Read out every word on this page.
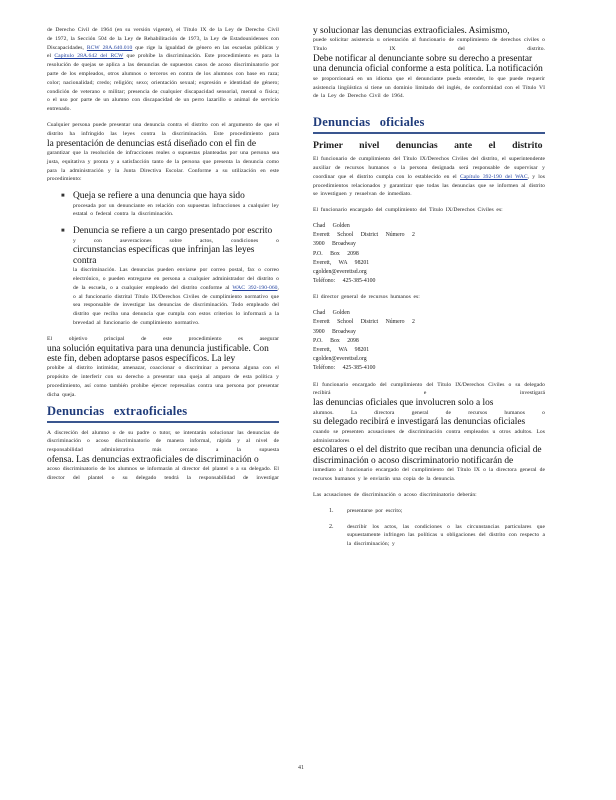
de Derecho Civil de 1964 (en su versión vigente), el Título IX de la Ley de Derecho Civil de 1972, la Sección 504 de la Ley de Rehabilitación de 1973, la Ley de Estadounidenses con Discapacidades, RCW 28A.640.010 que rige la igualdad de género en las escuelas públicas y el Capítulo 28A.642 del RCW que prohíbe la discriminación. Este procedimiento es para la resolución de quejas se aplica a las denuncias de supuestos casos de acoso discriminatorio por parte de los empleados, otros alumnos o terceros en contra de los alumnos con base en raza; color; nacionalidad; credo; religión; sexo; orientación sexual; expresión e identidad de género; condición de veterano o militar; presencia de cualquier discapacidad sensorial, mental o física; o el uso por parte de un alumno con discapacidad de un perro lazarillo o animal de servicio entrenado.

Cualquier persona puede presentar una denuncia contra el distrito con el argumento de que el distrito ha infringido las leyes contra la discriminación. Este procedimiento para

la presentación de denuncias está diseñado con el fin de

garantizar que la resolución de infracciones reales o supuestas planteadas por una persona sea justa, equitativa y pronta y a satisfacción tanto de la persona que presenta la denuncia como para la administración y la Junta Directiva Escolar. Conforme a su utilización en este procedimiento:

■ Queja se refiere a una denuncia que haya sido

procesada por un denunciante en relación con supuestas infracciones a cualquier ley estatal o federal contra la discriminación.

■ Denuncia se refiere a un cargo presentado por escrito

y con aseveraciones sobre actos, condiciones o

circunstancias específicas que infrinjan las leyes contra

la discriminación. Las denuncias pueden enviarse por correo postal, fax o correo electrónico, o pueden entregarse en persona a cualquier administrador del distrito o de la escuela, o a cualquier empleado del distrito conforme al WAC 392-190-060, o al funcionario distrital Título IX/Derechos Civiles de cumplimiento normativo que sea responsable de investigar las denuncias de discriminación. Todo empleado del distrito que reciba una denuncia que cumpla con estos criterios lo informará a la brevedad al funcionario de cumplimiento normativo.

El objetivo principal de este procedimiento es asegurar

una solución equitativa para una denuncia justificable. Con este fin, deben adoptarse pasos específicos. La ley

prohíbe al distrito intimidar, amenazar, coaccionar o discriminar a persona alguna con el propósito de interferir con su derecho a presentar una queja al amparo de esta política y procedimiento, así como también prohíbe ejercer represalias contra una persona por presentar dicha queja.

Denuncias extraoficiales

A discreción del alumno o de su padre o tutor, se intentarán solucionar las denuncias de discriminación o acoso discriminatorio de manera informal, rápida y al nivel de responsabilidad administrativa más cercano a la supuesta

ofensa. Las denuncias extraoficiales de discriminación o

acoso discriminatorio de los alumnos se informarán al director del plantel o a su delegado. El director del plantel o su delegado tendrá la responsabilidad de investigar

y solucionar las denuncias extraoficiales. Asimismo,

puede solicitar asistencia u orientación al funcionario de cumplimiento de derechos civiles o Título IX del distrito.

Debe notificar al denunciante sobre su derecho a presentar una denuncia oficial conforme a esta política. La notificación

se proporcionará en un idioma que el denunciante pueda entender, lo que puede requerir asistencia lingüística si tiene un dominio limitado del inglés, de conformidad con el Título VI de la Ley de Derecho Civil de 1964.

Denuncias oficiales
Primer nivel denuncias ante el distrito

El funcionario de cumplimiento del Título IX/Derechos Civiles del distrito, el superintendente auxiliar de recursos humanos o la persona designada será responsable de supervisar y coordinar que el distrito cumpla con lo establecido en el Capítulo 392-190 del WAC, y los procedimientos relacionados y garantizar que todas las denuncias que se informen al distrito se investiguen y resuelvan de inmediato.

El funcionario encargado del cumplimiento del Título IX/Derechos Civiles es:

Chad Golden
Everett School District Número 2
3900 Broadway
P.O. Box 2098
Everett, WA 98201
cgolden@everettsd.org
Teléfono: 425-385-4100

El director general de recursos humanos es:

Chad Golden
Everett School District Número 2
3900 Broadway
P.O. Box 2098
Everett, WA 98201
cgolden@everettsd.org
Teléfono: 425-385-4100

El funcionario encargado del cumplimiento del Título IX/Derechos Civiles o su delegado recibirá e investigará

las denuncias oficiales que involucren solo a los

alumnos. La directora general de recursos humanos o

su delegado recibirá e investigará las denuncias oficiales

cuando se presenten acusaciones de discriminación contra empleados u otros adultos. Los administradores

escolares o el del distrito que reciban una denuncia oficial de discriminación o acoso discriminatorio notificarán de

inmediato al funcionario encargado del cumplimiento del Título IX o la directora general de recursos humanos y le enviarán una copia de la denuncia.

Las acusaciones de discriminación o acoso discriminatorio deberán:

1.	presentarse por escrito;

2.	describir los actos, las condiciones o las circunstancias particulares que supuestamente infringen las políticas u obligaciones del distrito con respecto a la discriminación; y

41
